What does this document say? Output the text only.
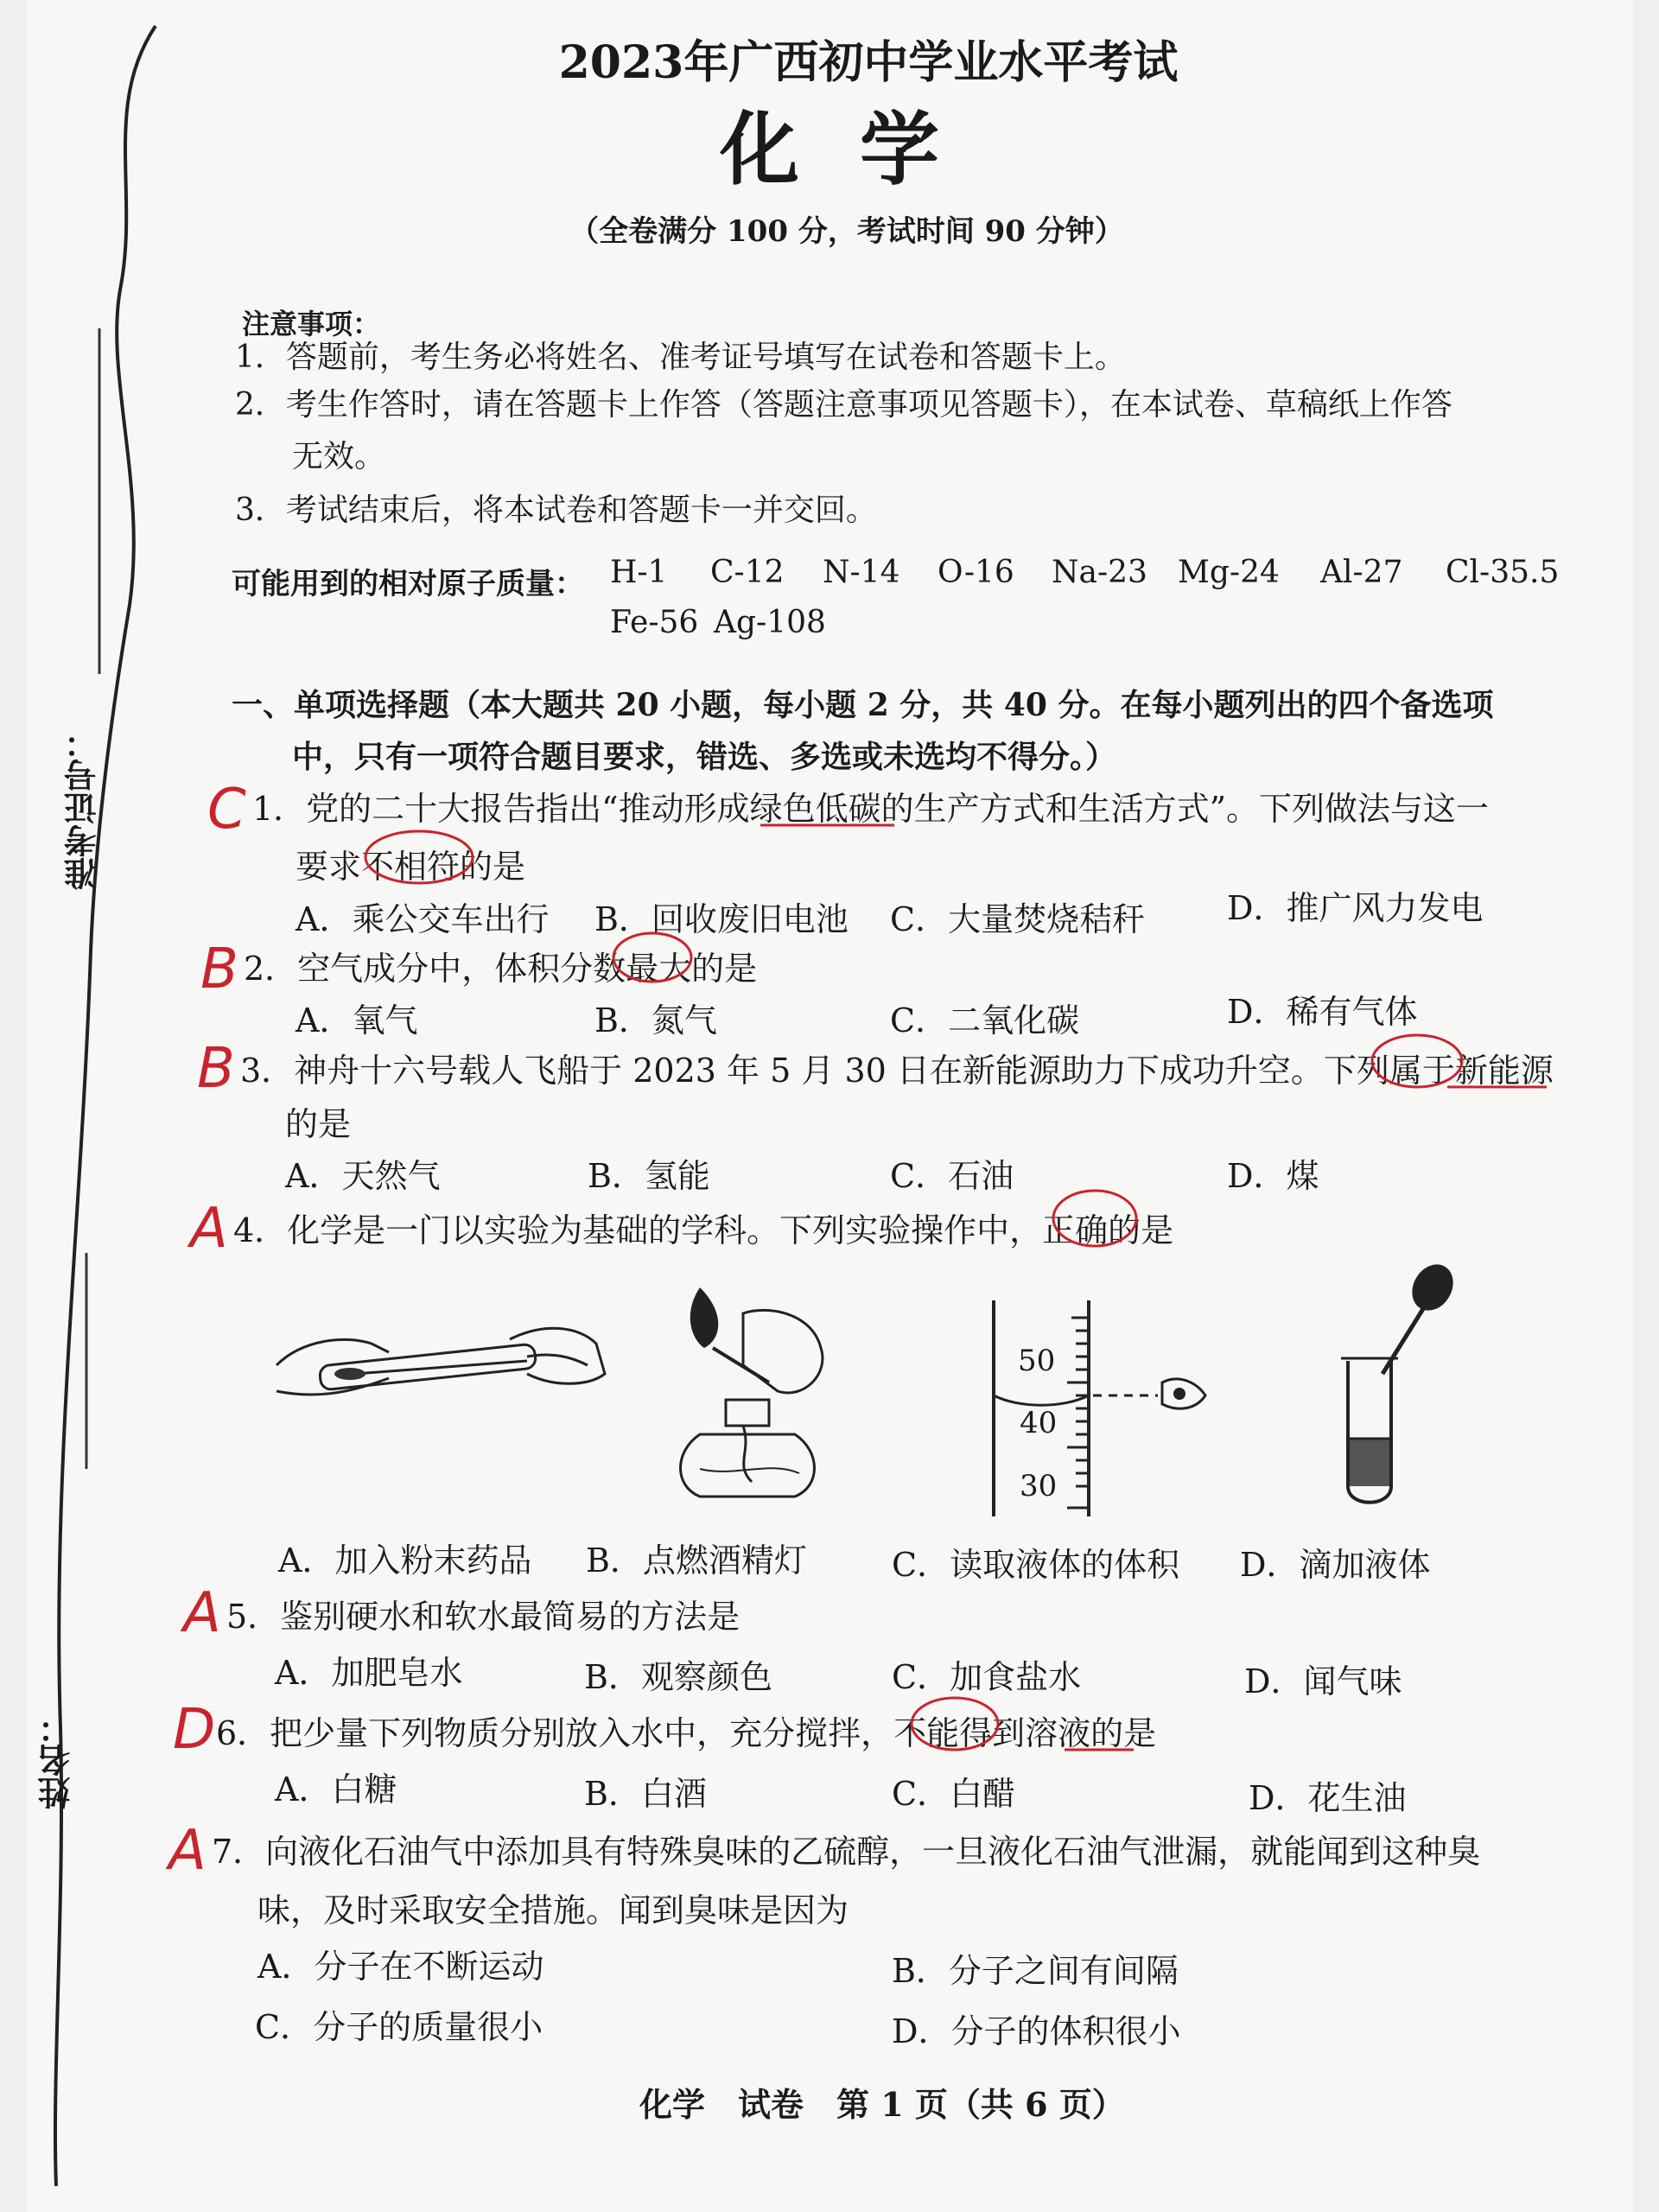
准考证号：
姓名：
2023年广西初中学业水平考试
化学
（全卷满分 100 分，考试时间 90 分钟）
注意事项：
1．答题前，考生务必将姓名、准考证号填写在试卷和答题卡上。
2．考生作答时，请在答题卡上作答（答题注意事项见答题卡），在本试卷、草稿纸上作答
无效。
3．考试结束后，将本试卷和答题卡一并交回。
可能用到的相对原子质量： H-1 C-12 N-14 O-16 Na-23 Mg-24 Al-27 Cl-35.5
Fe-56 Ag-108
一、单项选择题（本大题共 20 小题，每小题 2 分，共 40 分。在每小题列出的四个备选项
中，只有一项符合题目要求，错选、多选或未选均不得分。）
C 1．党的二十大报告指出“推动形成绿色低碳的生产方式和生活方式”。下列做法与这一
要求不相符的是
A．乘公交车出行 B．回收废旧电池 C．大量焚烧秸秆 D．推广风力发电
B 2．空气成分中，体积分数最大的是
A．氧气	B．氮气	C．二氧化碳	D．稀有气体
B 3．神舟十六号载人飞船于 2023 年 5 月 30 日在新能源助力下成功升空。下列属于新能源
的是
A．天然气	B．氢能	C．石油	D．煤
A 4．化学是一门以实验为基础的学科。下列实验操作中，正确的是
50
40
30
A．加入粉末药品 B．点燃酒精灯	C．读取液体的体积 D．滴加液体
A 5．鉴别硬水和软水最简易的方法是
A．加肥皂水	B．观察颜色	C．加食盐水	D．闻气味
D 6．把少量下列物质分别放入水中，充分搅拌，不能得到溶液的是
A．白糖	B．白酒	C．白醋	D．花生油
A 7．向液化石油气中添加具有特殊臭味的乙硫醇，一旦液化石油气泄漏，就能闻到这种臭
味，及时采取安全措施。闻到臭味是因为
A．分子在不断运动	B．分子之间有间隔
C．分子的质量很小	D．分子的体积很小
化学　试卷　第 1 页（共 6 页）
